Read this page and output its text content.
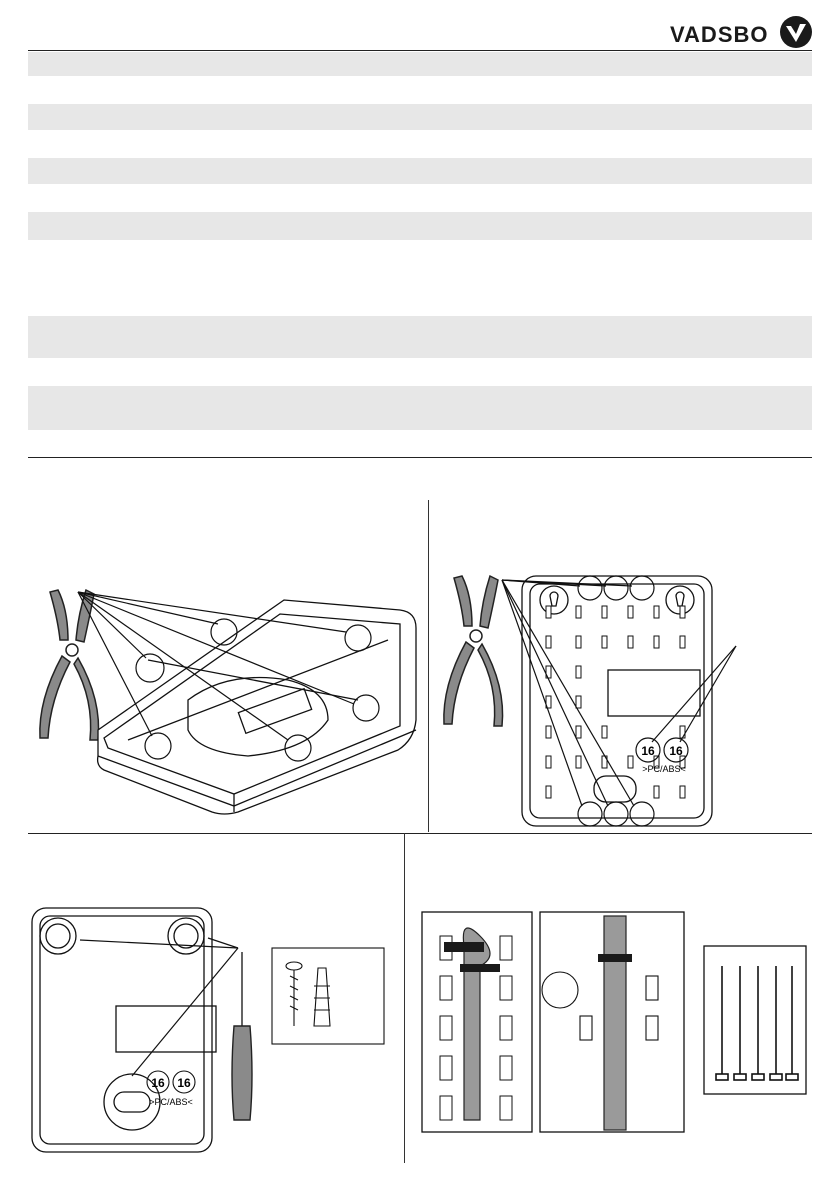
VADSBO
16 16
>PC/ABS<
16 16
>PC/ABS<
